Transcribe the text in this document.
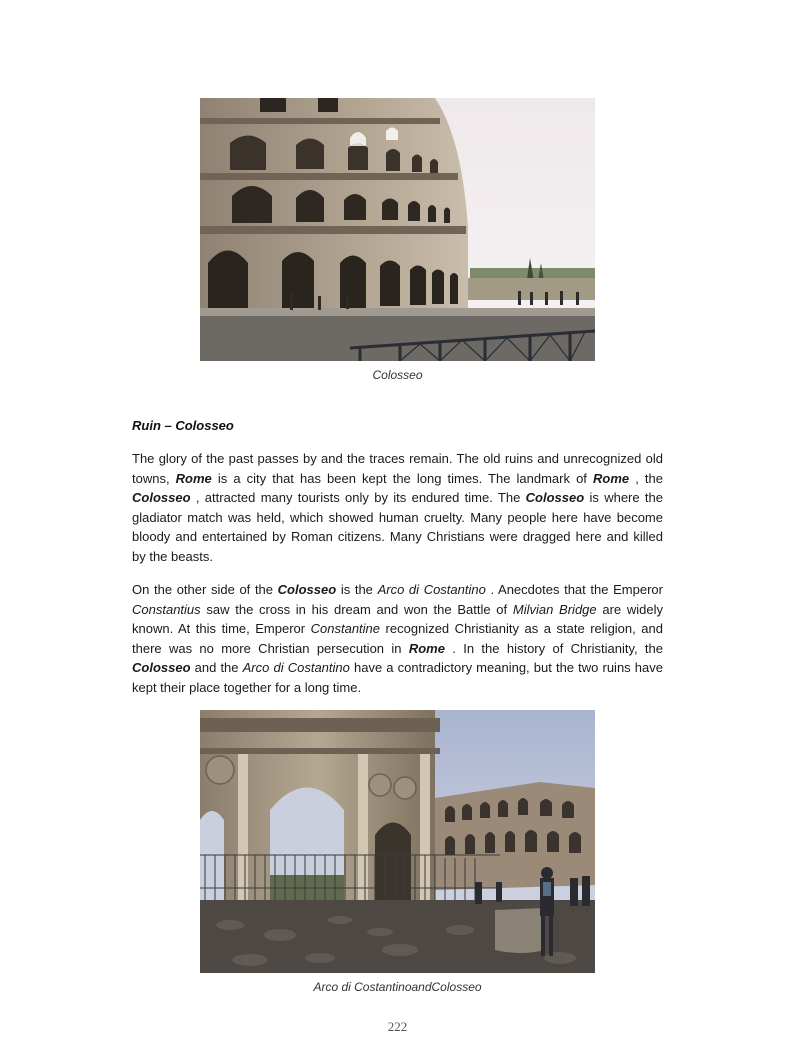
Colosseo
Ruin – Colosseo

The glory of the past passes by and the traces remain. The old ruins and unrecognized old towns, Rome is a city that has been kept the long times. The landmark of Rome , the Colosseo , attracted many tourists only by its endured time. The Colosseo is where the gladiator match was held, which showed human cruelty. Many people here have become bloody and entertained by Roman citizens. Many Christians were dragged here and killed by the beasts.

On the other side of the Colosseo is the Arco di Costantino . Anecdotes that the Emperor Constantius saw the cross in his dream and won the Battle of Milvian Bridge are widely known. At this time, Emperor Constantine recognized Christianity as a state religion, and there was no more Christian persecution in Rome . In the history of Christianity, the Colosseo and the Arco di Costantino have a contradictory meaning, but the two ruins have kept their place together for a long time.

Arco di CostantinoandColosseo
222
